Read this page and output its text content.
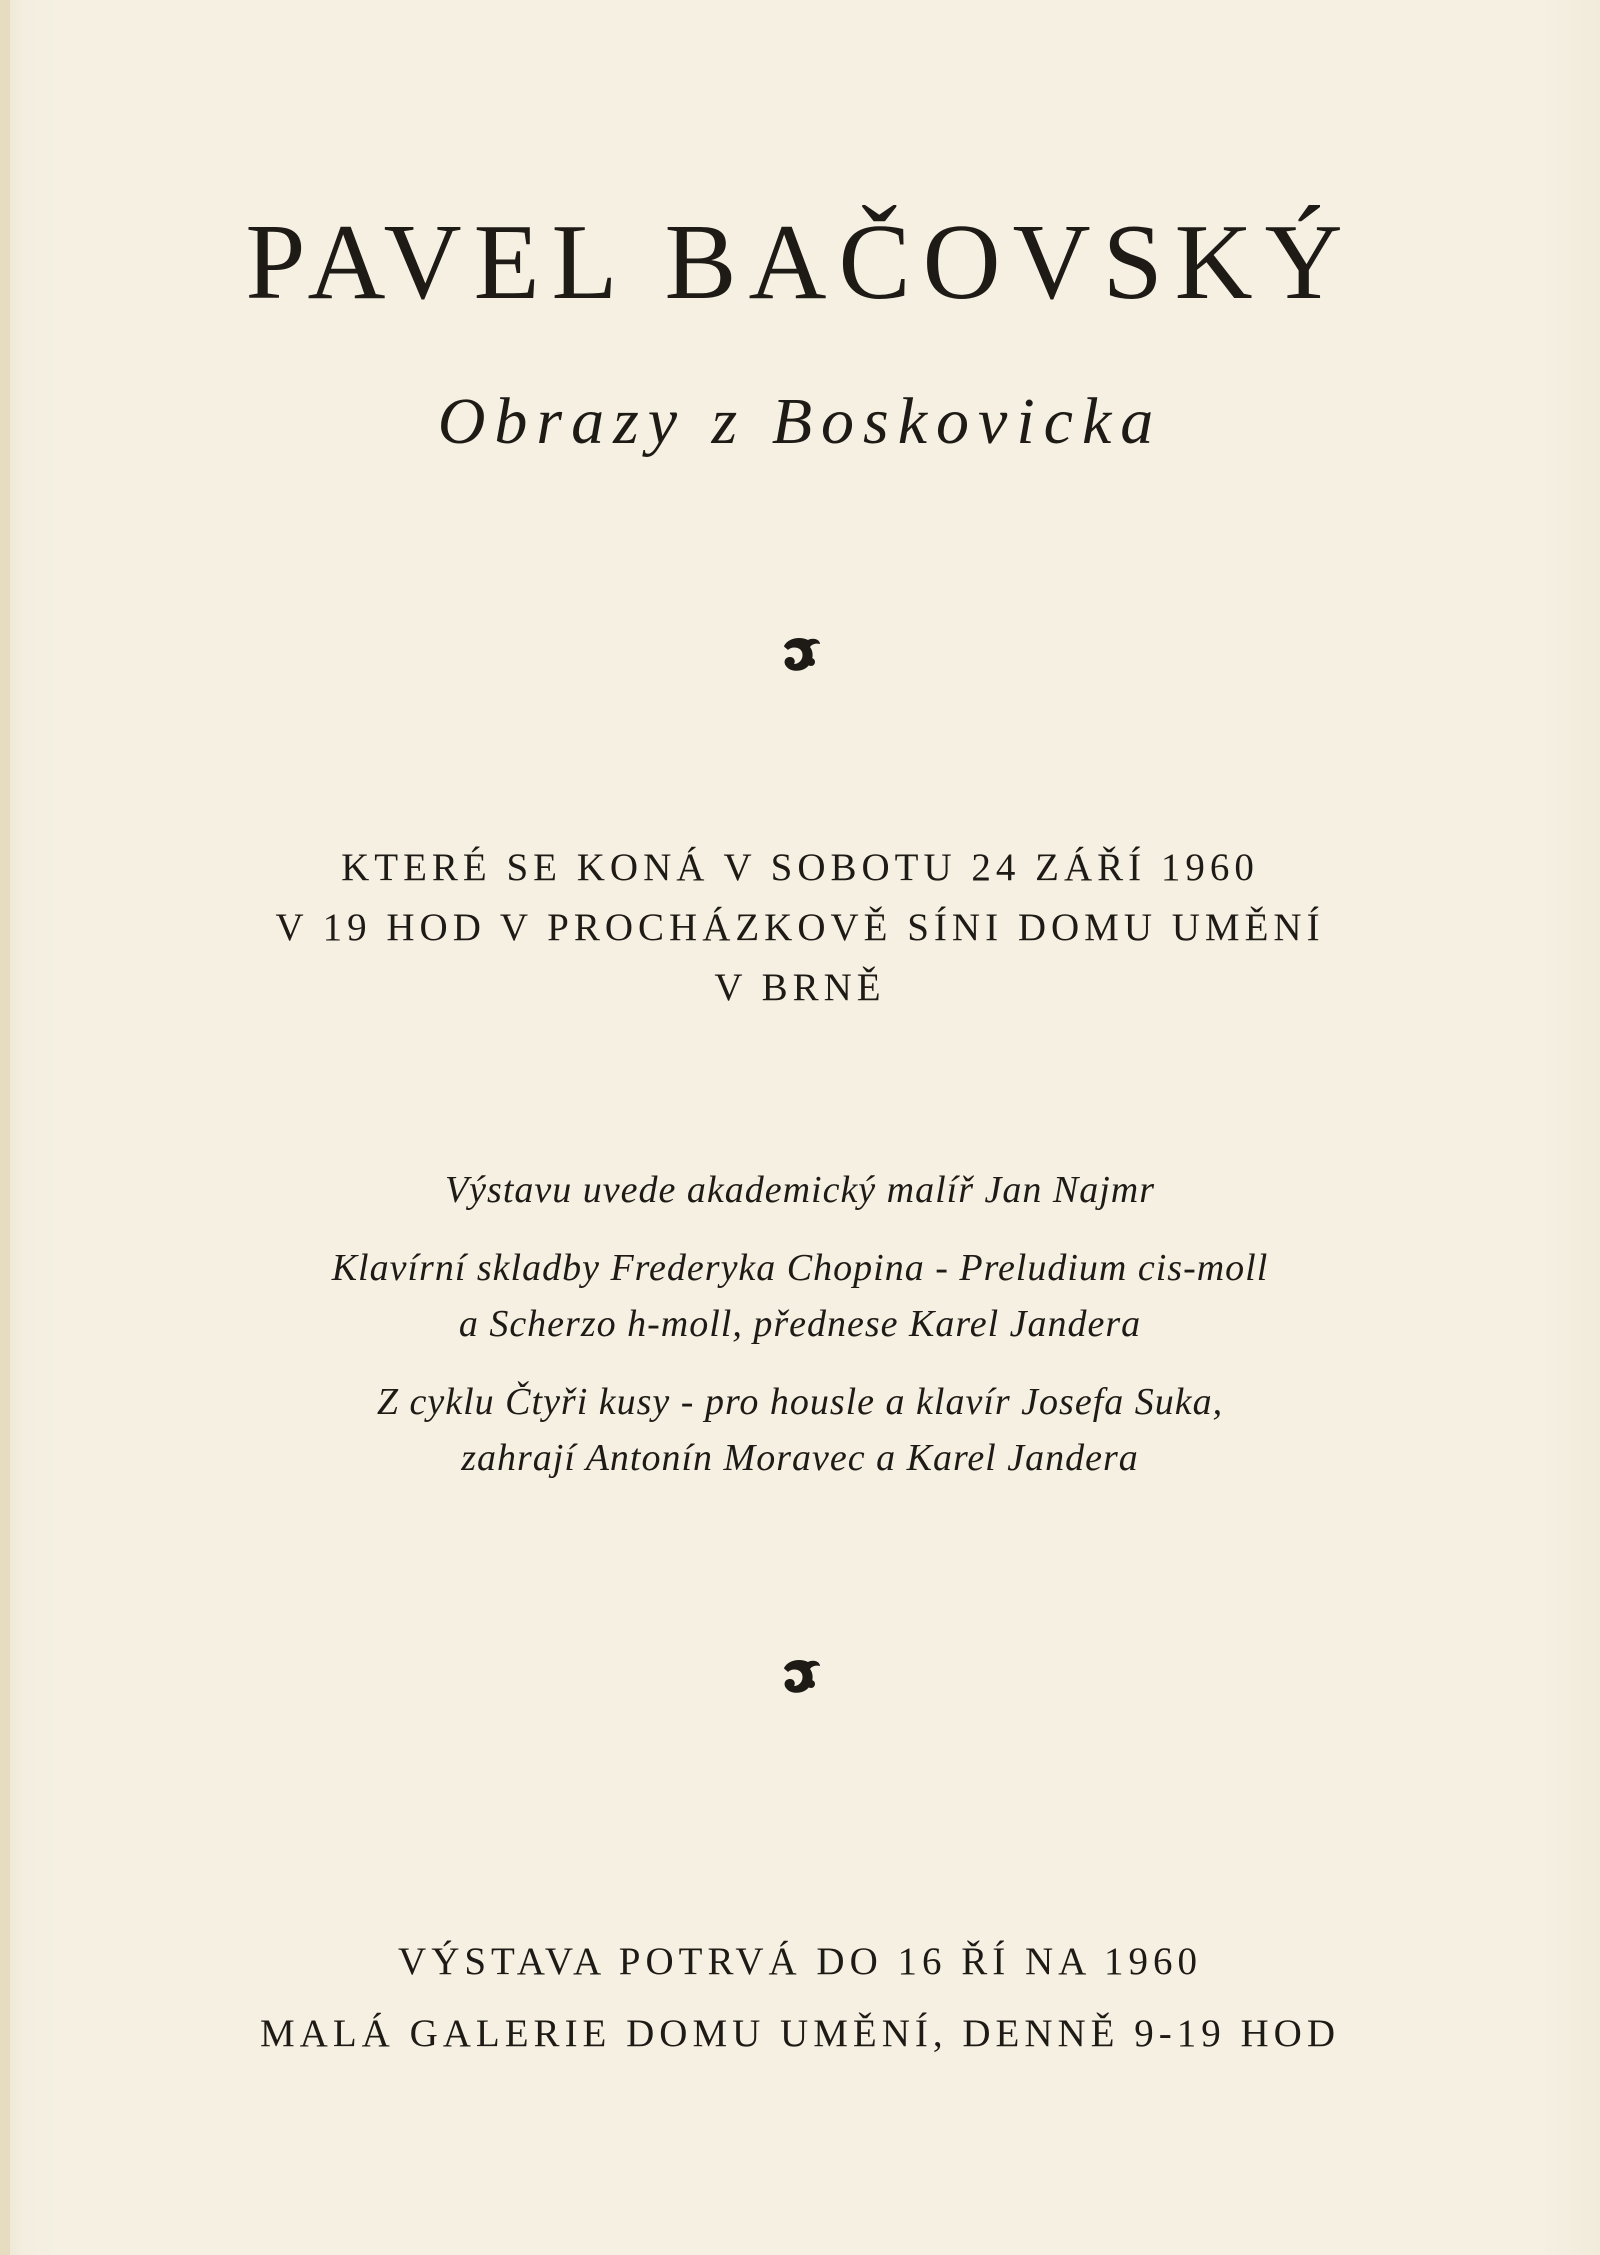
PAVEL BAČOVSKÝ
Obrazy z Boskovicka
KTERÉ SE KONÁ V SOBOTU 24 ZÁŘÍ 1960
V 19 HOD V PROCHÁZKOVĚ SÍNI DOMU UMĚNÍ
V BRNĚ
Výstavu uvede akademický malíř Jan Najmr
Klavírní skladby Frederyka Chopina - Preludium cis-moll
a Scherzo h-moll, přednese Karel Jandera
Z cyklu Čtyři kusy - pro housle a klavír Josefa Suka,
zahrají Antonín Moravec a Karel Jandera
VÝSTAVA POTRVÁ DO 16 ŘÍ NA 1960
MALÁ GALERIE DOMU UMĚNÍ, DENNĚ 9-19 HOD
